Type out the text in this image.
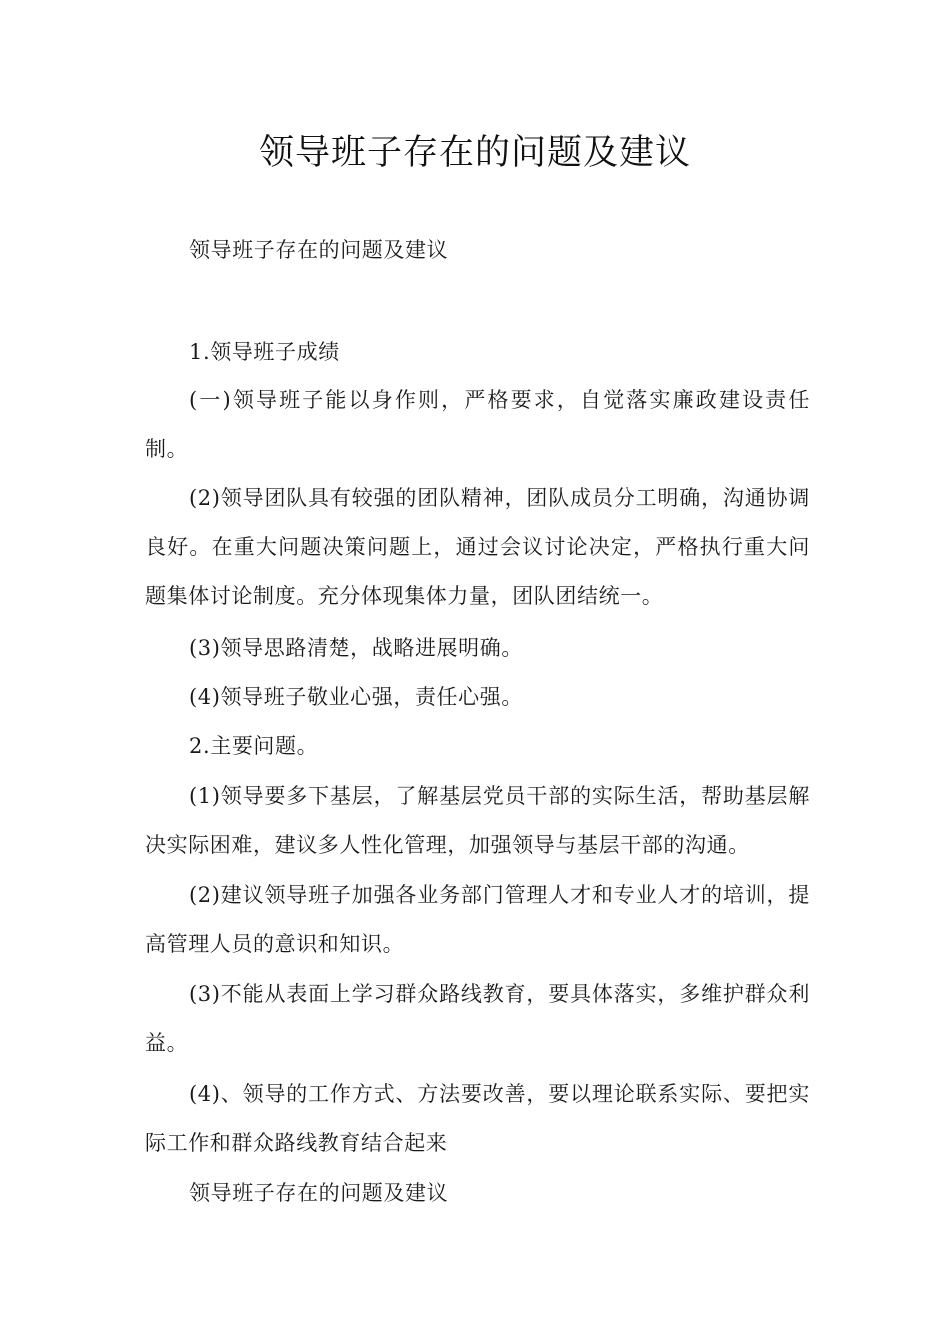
领导班子存在的问题及建议

领导班子存在的问题及建议

1.领导班子成绩

(一)领导班子能以身作则，严格要求，自觉落实廉政建设责任制。

(2)领导团队具有较强的团队精神，团队成员分工明确，沟通协调良好。在重大问题决策问题上，通过会议讨论决定，严格执行重大问题集体讨论制度。充分体现集体力量，团队团结统一。

(3)领导思路清楚，战略进展明确。

(4)领导班子敬业心强，责任心强。

2.主要问题。

(1)领导要多下基层，了解基层党员干部的实际生活，帮助基层解决实际困难，建议多人性化管理，加强领导与基层干部的沟通。

(2)建议领导班子加强各业务部门管理人才和专业人才的培训，提高管理人员的意识和知识。

(3)不能从表面上学习群众路线教育，要具体落实，多维护群众利益。

(4)、领导的工作方式、方法要改善，要以理论联系实际、要把实际工作和群众路线教育结合起来

领导班子存在的问题及建议
